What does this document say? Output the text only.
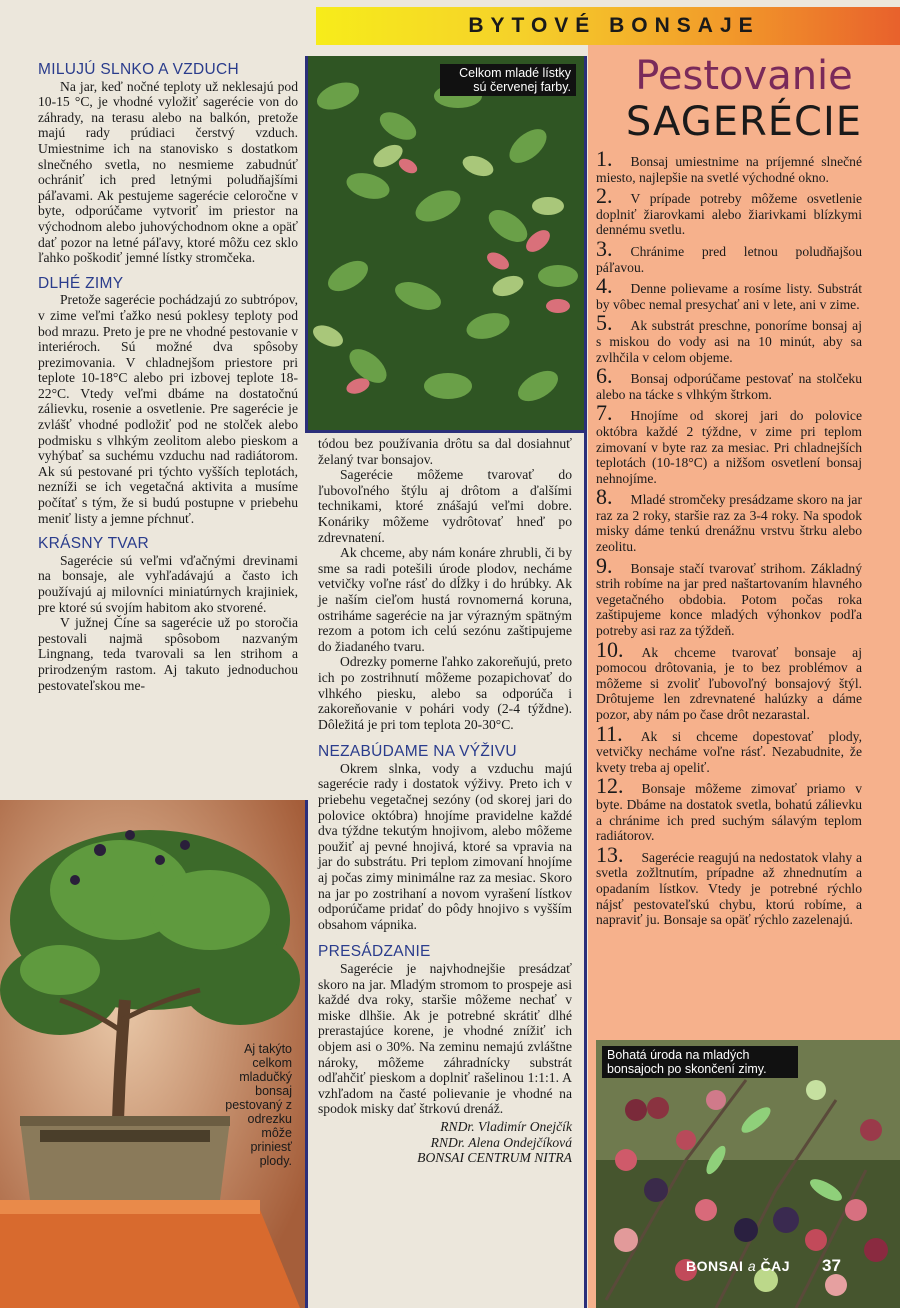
BYTOVÉ BONSAJE
MILUJÚ SLNKO A VZDUCH

Na jar, keď nočné teploty už neklesajú pod 10-15 °C, je vhodné vyložiť sagerécie von do záhrady, na terasu alebo na balkón, pretože majú rady prúdiaci čerstvý vzduch. Umiestnime ich na stanovisko s dostatkom slnečného svetla, no nesmieme zabudnúť ochrániť ich pred letnými poludňajšími páľavami. Ak pestujeme sagerécie celoročne v byte, odporúčame vytvoriť im priestor na východnom alebo juhovýchodnom okne a opäť dať pozor na letné páľavy, ktoré môžu cez sklo ľahko poškodiť jemné lístky stromčeka.

DLHÉ ZIMY

Pretože sagerécie pochádzajú zo subtrópov, v zime veľmi ťažko nesú poklesy teploty pod bod mrazu. Preto je pre ne vhodné pestovanie v interiéroch. Sú možné dva spôsoby prezimovania. V chladnejšom priestore pri teplote 10-18°C alebo pri izbovej teplote 18-22°C. Vtedy veľmi dbáme na dostatočnú zálievku, rosenie a osvetlenie. Pre sagerécie je zvlášť vhodné podložiť pod ne stolček alebo podmisku s vlhkým zeolitom alebo pieskom a vyhýbať sa suchému vzduchu nad radiátorom. Ak sú pestované pri týchto vyšších teplotách, nezníži se ich vegetačná aktivita a musíme počítať s tým, že si budú postupne v priebehu meniť listy a jemne pŕchnuť.

KRÁSNY TVAR

Sagerécie sú veľmi vďačnými drevinami na bonsaje, ale vyhľadávajú a často ich používajú aj milovníci miniatúrnych krajiniek, pre ktoré sú svojím habitom ako stvorené.

V južnej Číne sa sagerécie už po storočia pestovali najmä spôsobom nazvaným Lingnang, teda tvarovali sa len strihom a prirodzeným rastom. Aj takuto jednoduchou pestovateľskou me-

Celkom mladé lístky sú červenej farby.

tódou bez používania drôtu sa dal dosiahnuť želaný tvar bonsajov.

Sagerécie môžeme tvarovať do ľubovoľného štýlu aj drôtom a ďalšími technikami, ktoré znášajú veľmi dobre. Konáriky môžeme vydrôtovať hneď po zdrevnatení.

Ak chceme, aby nám konáre zhrubli, či by sme sa radi potešili úrode plodov, necháme vetvičky voľne rásť do dĺžky i do hrúbky. Ak je naším cieľom hustá rovnomerná koruna, ostriháme sagerécie na jar výrazným spätným rezom a potom ich celú sezónu zaštipujeme do žiadaného tvaru.

Odrezky pomerne ľahko zakoreňujú, preto ich po zostrihnutí môžeme pozapichovať do vlhkého piesku, alebo sa odporúča i zakoreňovanie v pohári vody (2-4 týždne). Dôležitá je pri tom teplota 20-30°C.

NEZABÚDAME NA VÝŽIVU

Okrem slnka, vody a vzduchu majú sagerécie rady i dostatok výživy. Preto ich v priebehu vegetačnej sezóny (od skorej jari do polovice októbra) hnojíme pravidelne každé dva týždne tekutým hnojivom, alebo môžeme použiť aj pevné hnojivá, ktoré sa vpravia na jar do substrátu. Pri teplom zimovaní hnojíme aj počas zimy minimálne raz za mesiac. Skoro na jar po zostrihaní a novom vyrašení lístkov odporúčame pridať do pôdy hnojivo s vyšším obsahom vápnika.

PRESÁDZANIE

Sagerécie je najvhodnejšie presádzať skoro na jar. Mladým stromom to prospeje asi každé dva roky, staršie môžeme nechať v miske dlhšie. Ak je potrebné skrátiť dlhé prerastajúce korene, je vhodné znížiť ich objem asi o 30%. Na zeminu nemajú zvláštne nároky, môžeme záhradnícky substrát odľahčiť pieskom a doplniť rašelinou 1:1:1. A vzhľadom na časté polievanie je vhodné na spodok misky dať štrkovú drenáž.

RNDr. Vladimír Onejčík
RNDr. Alena Ondejčíková
BONSAI CENTRUM NITRA
Aj takýto celkom mladučký bonsaj pestovaný z odrezku môže priniesť plody.
Pestovanie
SAGERÉCIE
1. Bonsaj umiestnime na príjemné slnečné miesto, najlepšie na svetlé východné okno.
2. V prípade potreby môžeme osvetlenie doplniť žiarovkami alebo žiarivkami blízkymi dennému svetlu.
3. Chránime pred letnou poludňajšou páľavou.
4. Denne polievame a rosíme listy. Substrát by vôbec nemal presychať ani v lete, ani v zime.
5. Ak substrát preschne, ponoríme bonsaj aj s miskou do vody asi na 10 minút, aby sa zvlhčila v celom objeme.
6. Bonsaj odporúčame pestovať na stolčeku alebo na tácke s vlhkým štrkom.
7. Hnojíme od skorej jari do polovice októbra každé 2 týždne, v zime pri teplom zimovaní v byte raz za mesiac. Pri chladnejších teplotách (10-18°C) a nižšom osvetlení bonsaj nehnojíme.
8. Mladé stromčeky presádzame skoro na jar raz za 2 roky, staršie raz za 3-4 roky. Na spodok misky dáme tenkú drenážnu vrstvu štrku alebo zeolitu.
9. Bonsaje stačí tvarovať strihom. Základný strih robíme na jar pred naštartovaním hlavného vegetačného obdobia. Potom počas roka zaštipujeme konce mladých výhonkov podľa potreby asi raz za týždeň.
10. Ak chceme tvarovať bonsaje aj pomocou drôtovania, je to bez problémov a môžeme si zvoliť ľubovoľný bonsajový štýl. Drôtujeme len zdrevnatené halúzky a dáme pozor, aby nám po čase drôt nezarastal.
11. Ak si chceme dopestovať plody, vetvičky necháme voľne rásť. Nezabudnite, že kvety treba aj opeliť.
12. Bonsaje môžeme zimovať priamo v byte. Dbáme na dostatok svetla, bohatú zálievku a chránime ich pred suchým sálavým teplom radiátorov.
13. Sagerécie reagujú na nedostatok vlahy a svetla zožltnutím, prípadne až zhnednutím a opadaním lístkov. Vtedy je potrebné rýchlo nájsť pestovateľskú chybu, ktorú robíme, a napraviť ju. Bonsaje sa opäť rýchlo zazelenajú.
Bohatá úroda na mladých bonsajoch po skončení zimy.
BONSAI a ČAJ 37
